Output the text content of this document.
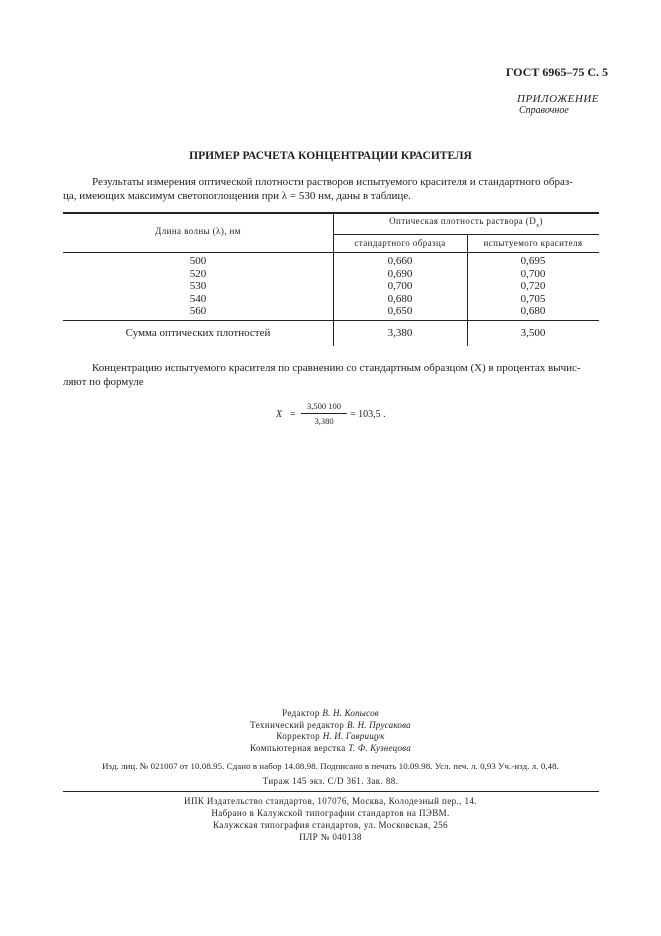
ГОСТ 6965–75 С. 5
ПРИЛОЖЕНИЕ
Справочное
ПРИМЕР РАСЧЕТА КОНЦЕНТРАЦИИ КРАСИТЕЛЯ
Результаты измерения оптической плотности растворов испытуемого красителя и стандартного образ-
ца, имеющих максимум светопоглощения при λ = 530 нм, даны в таблице.
Длина волны (λ), нм
Оптическая плотность раствора $(D_x)$
стандартного образца	испытуемого красителя
500	0,660	0,695
520	0,690	0,700
530	0,700	0,720
540	0,680	0,705
560	0,650	0,680
Сумма оптических плотностей	3,380	3,500
Концентрацию испытуемого красителя по сравнению со стандартным образцом (X) в процентах вычис-
ляют по формуле
X =
3,500 100
3,380
= 103,5 .
Редактор В. Н. Копысов
Технический редактор В. Н. Прусакова
Корректор Н. И. Гаврищук
Компьютерная верстка Т. Ф. Кузнецова
Изд. лиц. № 021007 от 10.08.95. Сдано в набор 14.08.98. Подписано в печать 10.09.98. Усл. печ. л. 0,93 Уч.-изд. л. 0,48.
Тираж 145 экз. С/D 361. Зак. 88.
ИПК Издательство стандартов, 107076, Москва, Колодезный пер., 14.
Набрано в Калужской типографии стандартов на ПЭВМ.
Калужская типография стандартов, ул. Московская, 256
ПЛР № 040138
